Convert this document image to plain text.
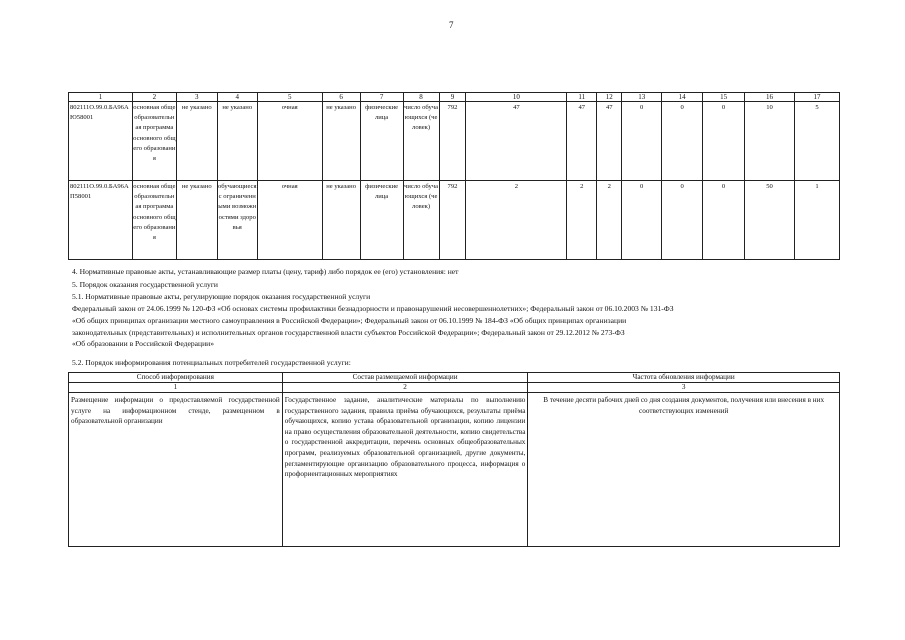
7
1	2	3	4	5	6	7	8	9	10	11	12	13	14	15	16	17
802111О.99.0.БА96АЮ58001	основная общеобразовательная программа основного общего образования	не указано	не указано	очная	не указано	физические лица	число обучающихся (человек)	792	47	47	47	0	0	0	10	5
802111О.99.0.БА96АП58001	основная общеобразовательная программа основного общего образования	не указано	обучающиеся с ограниченными возможностями здоровья	очная	не указано	физические лица	число обучающихся (человек)	792	2	2	2	0	0	0	50	1
4. Нормативные правовые акты, устанавливающие размер платы (цену, тариф) либо порядок ее (его) установления: нет
5. Порядок оказания государственной услуги
5.1. Нормативные правовые акты, регулирующие порядок оказания государственной услуги
Федеральный закон от 24.06.1999 № 120-ФЗ «Об основах системы профилактики безнадзорности и правонарушений несовершеннолетних»; Федеральный закон от 06.10.2003 № 131-ФЗ
«Об общих принципах организации местного самоуправления в Российской Федерации»; Федеральный закон от 06.10.1999 № 184-ФЗ «Об общих принципах организации
законодательных (представительных) и исполнительных органов государственной власти субъектов Российской Федерации»; Федеральный закон от 29.12.2012 № 273-ФЗ
«Об образовании в Российской Федерации»
5.2. Порядок информирования потенциальных потребителей государственной услуги:
Способ информирования	Состав размещаемой информации	Частота обновления информации
1	2	3
Размещение информации о предоставляемой государственной услуге на информационном стенде, размещенном в образовательной организации	Государственное задание, аналитические материалы по выполнению государственного задания, правила приёма обучающихся, результаты приёма обучающихся, копию устава образовательной организации, копию лицензии на право осуществления образовательной деятельности, копию свидетельства о государственной аккредитации, перечень основных общеобразовательных программ, реализуемых образовательной организацией, другие документы, регламентирующие организацию образовательного процесса, информация о профориентационных мероприятиях	В течение десяти рабочих дней со дня создания документов, получения или внесения в них соответствующих изменений
